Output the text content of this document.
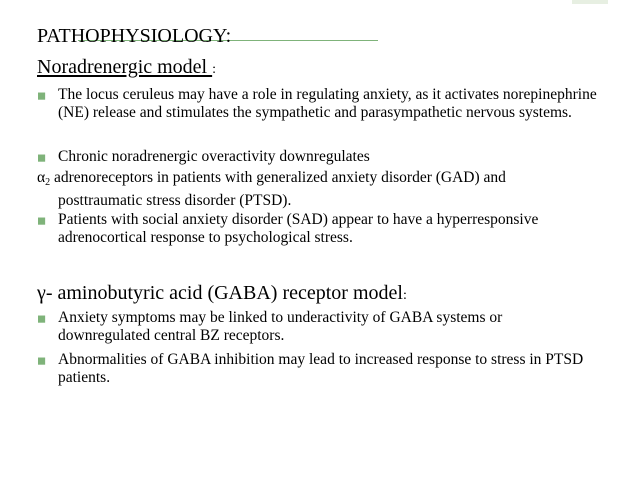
PATHOPHYSIOLOGY:
Noradrenergic model :
◼ The locus ceruleus may have a role in regulating anxiety, as it activates norepinephrine (NE) release and stimulates the sympathetic and parasympathetic nervous systems.
◼ Chronic noradrenergic overactivity downregulates
$\alpha_2$ adrenoreceptors in patients with generalized anxiety disorder (GAD) and
posttraumatic stress disorder (PTSD).
◼ Patients with social anxiety disorder (SAD) appear to have a hyperresponsive adrenocortical response to psychological stress.
γ- aminobutyric acid (GABA) receptor model:
◼ Anxiety symptoms may be linked to underactivity of GABA systems or downregulated central BZ receptors.
◼ Abnormalities of GABA inhibition may lead to increased response to stress in PTSD patients.
